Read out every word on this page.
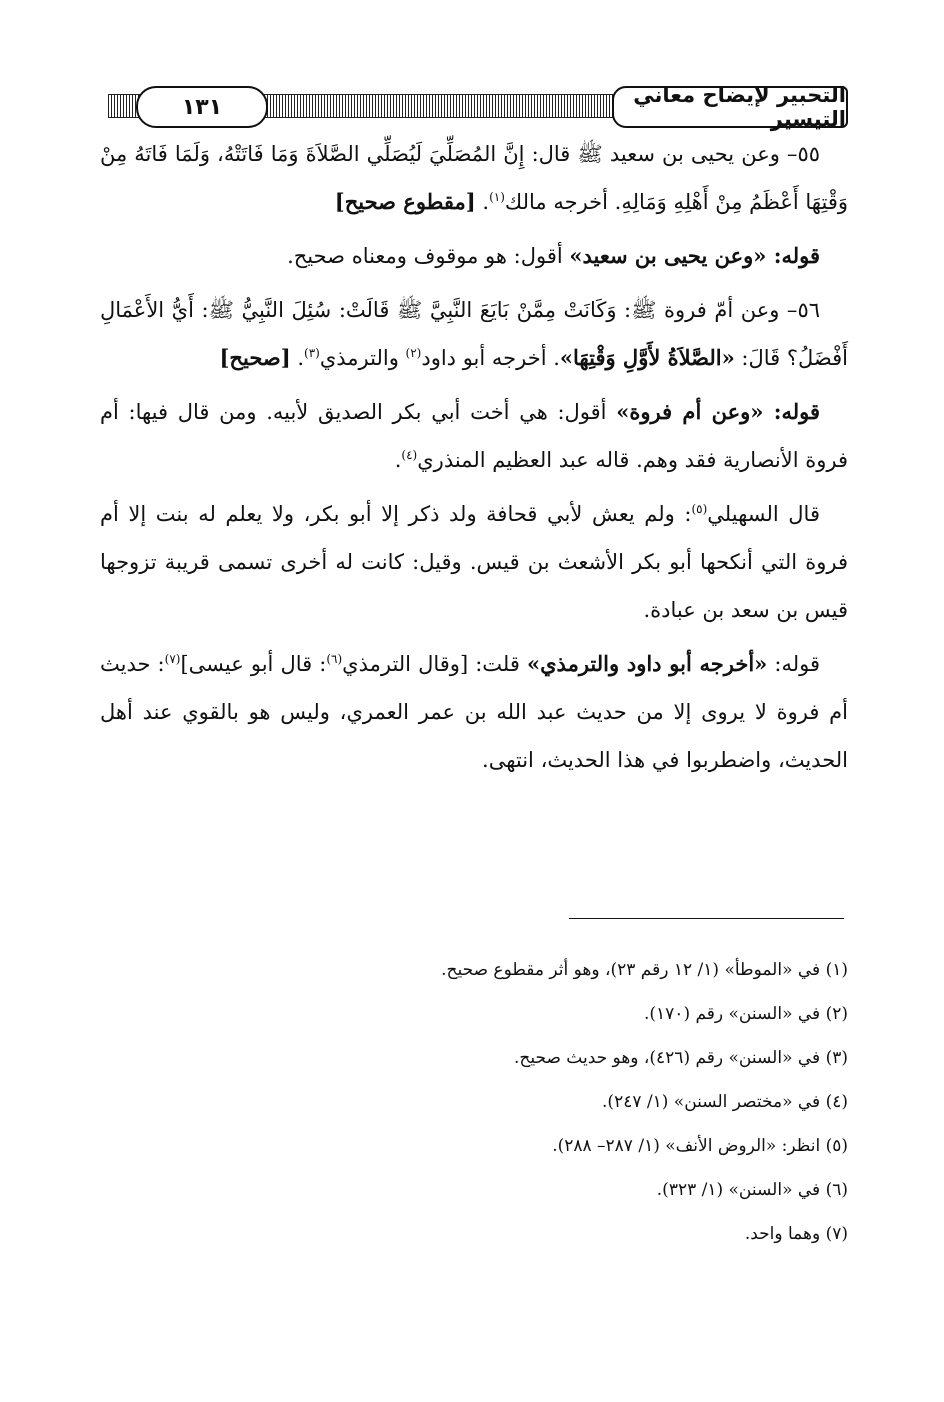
١٣١	التحبير لإيضاح معاني التيسير

٥٥– وعن يحيى بن سعيد ﷺ قال: إِنَّ المُصَلِّيَ لَيُصَلِّي الصَّلاَةَ وَمَا فَاتَتْهُ، وَلَمَا فَاتَهُ مِنْ وَقْتِهَا أَعْظَمُ مِنْ أَهْلِهِ وَمَالِهِ. أخرجه مالك$^{(١)}$. [مقطوع صحيح]

قوله: «وعن يحيى بن سعيد» أقول: هو موقوف ومعناه صحيح.

٥٦– وعن أمّ فروة ﷺ: وَكَانَتْ مِمَّنْ بَايَعَ النَّبِيَّ ﷺ قَالَتْ: سُئِلَ النَّبِيُّ ﷺ: أَيُّ الأَعْمَالِ أَفْضَلُ؟ قَالَ: «الصَّلاَةُ لأَوَّلِ وَقْتِهَا». أخرجه أبو داود$^{(٢)}$ والترمذي$^{(٣)}$. [صحيح]

قوله: «وعن أم فروة» أقول: هي أخت أبي بكر الصديق لأبيه. ومن قال فيها: أم فروة الأنصارية فقد وهم. قاله عبد العظيم المنذري$^{(٤)}$.

قال السهيلي$^{(٥)}$: ولم يعش لأبي قحافة ولد ذكر إلا أبو بكر، ولا يعلم له بنت إلا أم فروة التي أنكحها أبو بكر الأشعث بن قيس. وقيل: كانت له أخرى تسمى قريبة تزوجها قيس بن سعد بن عبادة.

قوله: «أخرجه أبو داود والترمذي» قلت: [وقال الترمذي$^{(٦)}$: قال أبو عيسى]$^{(٧)}$: حديث أم فروة لا يروى إلا من حديث عبد الله بن عمر العمري، وليس هو بالقوي عند أهل الحديث، واضطربوا في هذا الحديث، انتهى.

(١) في «الموطأ» (١/ ١٢ رقم ٢٣)، وهو أثر مقطوع صحيح.
(٢) في «السنن» رقم (١٧٠).
(٣) في «السنن» رقم (٤٢٦)، وهو حديث صحيح.
(٤) في «مختصر السنن» (١/ ٢٤٧).
(٥) انظر: «الروض الأنف» (١/ ٢٨٧– ٢٨٨).
(٦) في «السنن» (١/ ٣٢٣).
(٧) وهما واحد.
